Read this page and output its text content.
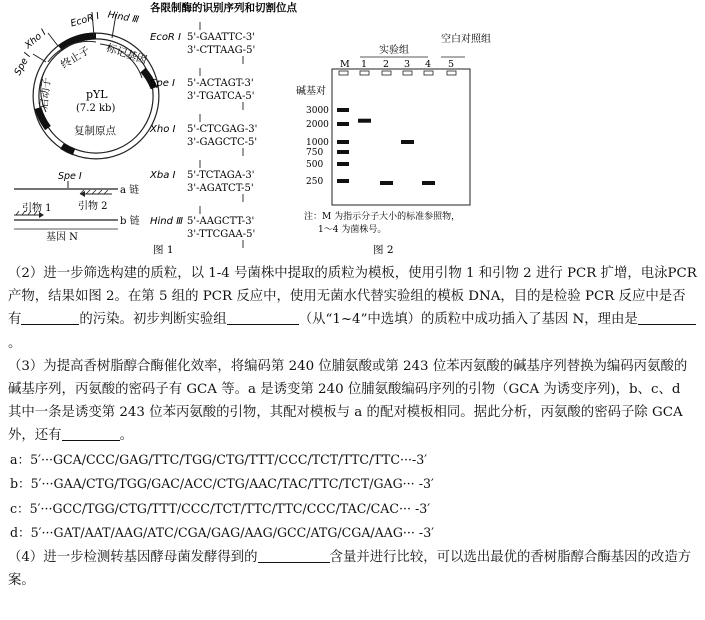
Spe Ⅰ
Xho Ⅰ
EcoR Ⅰ Hind Ⅲ
终止子 标记基因
启动子	pYL
(7.2 kb)
复制原点
Spe Ⅰ
a 链
b 链
引物 1	引物 2
基因 N
各限制酶的识别序列和切割位点
EcoR Ⅰ 5'-GAATTC-3'
3'-CTTAAG-5'
Spe Ⅰ 5'-ACTAGT-3'
3'-TGATCA-5'
Xho Ⅰ 5'-CTCGAG-3'
3'-GAGCTC-5'
Xba Ⅰ 5'-TCTAGA-3'
3'-AGATCT-5'
Hind Ⅲ 5'-AAGCTT-3'
3'-TTCGAA-5'
图 1
实验组
空白对照组
M 1 2 3 4 5
碱基对
3000
2000
1000
750
500
250
注：M 为指示分子大小的标准参照物，
1～4 为菌株号。
图 2

（2）进一步筛选构建的质粒，以 1-4 号菌株中提取的质粒为模板，使用引物 1 和引物 2 进行 PCR 扩增，电泳PCR 产物，结果如图 2。在第 5 组的 PCR 反应中，使用无菌水代替实验组的模板 DNA，目的是检验 PCR 反应中是否有	的污染。初步判断实验组	（从“1~4”中选填）的质粒中成功插入了基因 N，理由是。

（3）为提高香树脂醇合酶催化效率，将编码第 240 位脯氨酸或第 243 位苯丙氨酸的碱基序列替换为编码丙氨酸的碱基序列，丙氨酸的密码子有 GCA 等。a 是诱变第 240 位脯氨酸编码序列的引物（GCA 为诱变序列)，b、c、d 其中一条是诱变第 243 位苯丙氨酸的引物，其配对模板与 a 的配对模板相同。据此分析，丙氨酸的密码子除 GCA 外，还有	。

a：5′···GCA/CCC/GAG/TTC/TGG/CTG/TTT/CCC/TCT/TTC/TTC···-3′

b：5′···GAA/CTG/TGG/GAC/ACC/CTG/AAC/TAC/TTC/TCT/GAG··· -3′

c：5′···GCC/TGG/CTG/TTT/CCC/TCT/TTC/TTC/CCC/TAC/CAC··· -3′

d：5′···GAT/AAT/AAG/ATC/CGA/GAG/AAG/GCC/ATG/CGA/AAG··· -3′

（4）进一步检测转基因酵母菌发酵得到的	含量并进行比较，可以选出最优的香树脂醇合酶基因的改造方案。
